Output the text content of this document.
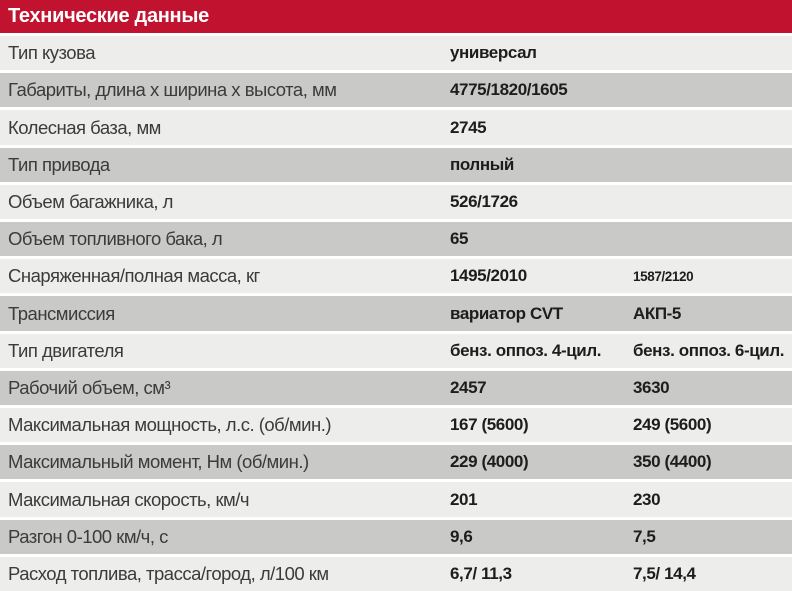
Технические данные
Тип кузова	универсал
Габариты, длина х ширина х высота, мм	4775/1820/1605
Колесная база, мм	2745
Тип привода	полный
Объем багажника, л	526/1726
Объем топливного бака, л	65
Снаряженная/полная масса, кг	1495/2010	1587/2120
Трансмиссия	вариатор CVT	АКП-5
Тип двигателя	бенз. оппоз. 4-цил.	бенз. оппоз. 6-цил.
Рабочий объем, см³	2457	3630
Максимальная мощность, л.с. (об/мин.)	167 (5600)	249 (5600)
Максимальный момент, Нм (об/мин.)	229 (4000)	350 (4400)
Максимальная скорость, км/ч	201	230
Разгон 0-100 км/ч, с	9,6	7,5
Расход топлива, трасса/город, л/100 км	6,7/ 11,3	7,5/ 14,4
